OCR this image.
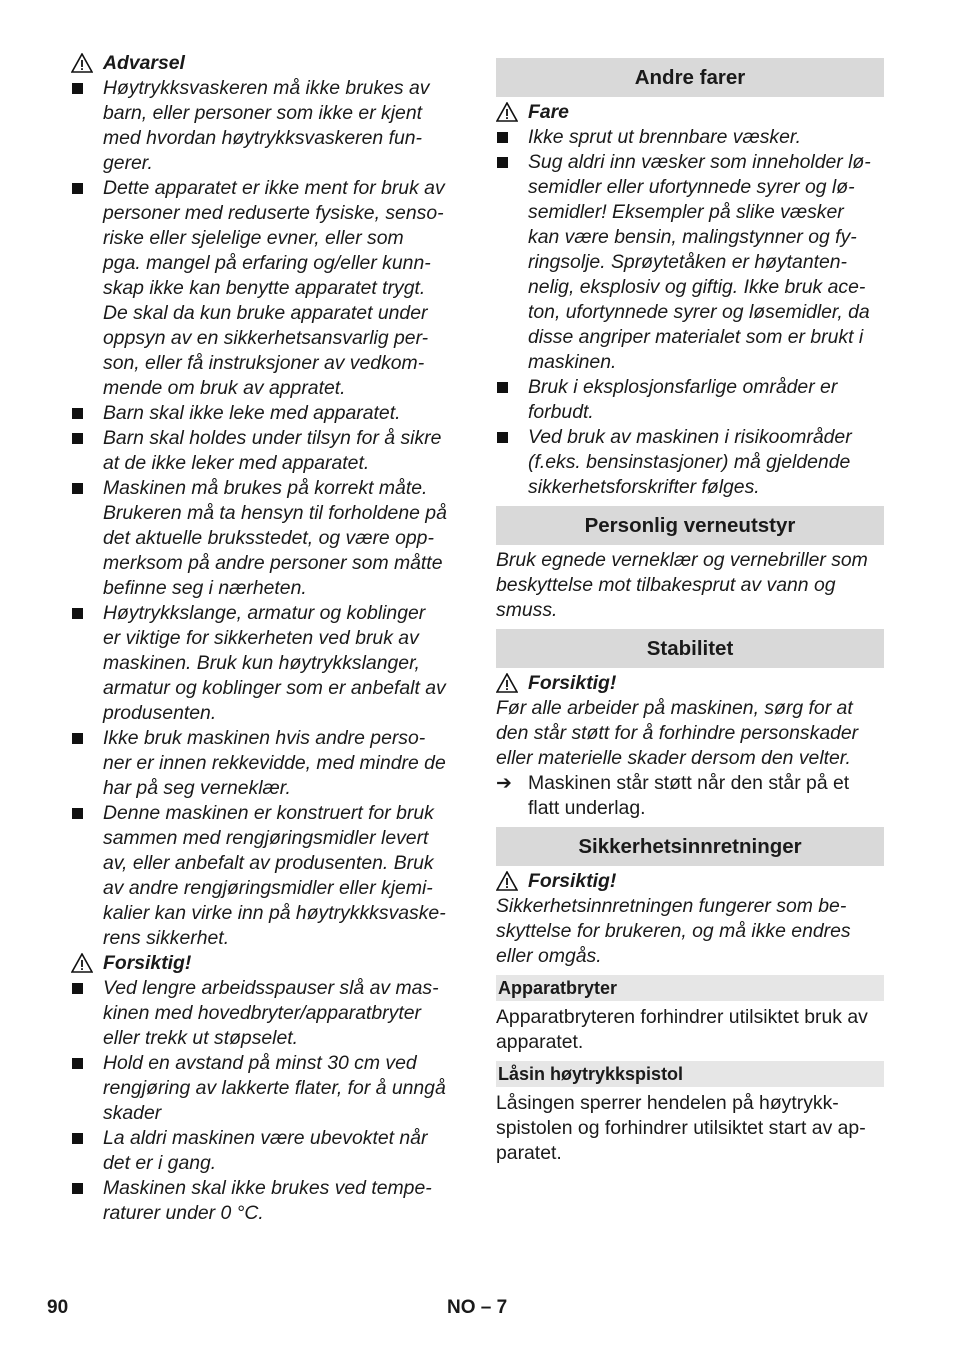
Advarsel
Høytrykksvaskeren må ikke brukes av
barn, eller personer som ikke er kjent
med hvordan høytrykksvaskeren fun-
gerer.
Dette apparatet er ikke ment for bruk av
personer med reduserte fysiske, senso-
riske eller sjelelige evner, eller som
pga. mangel på erfaring og/eller kunn-
skap ikke kan benytte apparatet trygt.
De skal da kun bruke apparatet under
oppsyn av en sikkerhetsansvarlig per-
son, eller få instruksjoner av vedkom-
mende om bruk av appratet.
Barn skal ikke leke med apparatet.
Barn skal holdes under tilsyn for å sikre
at de ikke leker med apparatet.
Maskinen må brukes på korrekt måte.
Brukeren må ta hensyn til forholdene på
det aktuelle bruksstedet, og være opp-
merksom på andre personer som måtte
befinne seg i nærheten.
Høytrykkslange, armatur og koblinger
er viktige for sikkerheten ved bruk av
maskinen. Bruk kun høytrykkslanger,
armatur og koblinger som er anbefalt av
produsenten.
Ikke bruk maskinen hvis andre perso-
ner er innen rekkevidde, med mindre de
har på seg verneklær.
Denne maskinen er konstruert for bruk
sammen med rengjøringsmidler levert
av, eller anbefalt av produsenten. Bruk
av andre rengjøringsmidler eller kjemi-
kalier kan virke inn på høytrykkksvaske-
rens sikkerhet.
Forsiktig!
Ved lengre arbeidsspauser slå av mas-
kinen med hovedbryter/apparatbryter
eller trekk ut støpselet.
Hold en avstand på minst 30 cm ved
rengjøring av lakkerte flater, for å unngå
skader
La aldri maskinen være ubevoktet når
det er i gang.
Maskinen skal ikke brukes ved tempe-
raturer under 0 °C.
Andre farer
Fare
Ikke sprut ut brennbare væsker.
Sug aldri inn væsker som inneholder lø-
semidler eller ufortynnede syrer og lø-
semidler! Eksempler på slike væsker
kan være bensin, malingstynner og fy-
ringsolje. Sprøytetåken er høytanten-
nelig, eksplosiv og giftig. Ikke bruk ace-
ton, ufortynnede syrer og løsemidler, da
disse angriper materialet som er brukt i
maskinen.
Bruk i eksplosjonsfarlige områder er
forbudt.
Ved bruk av maskinen i risikoområder
(f.eks. bensinstasjoner) må gjeldende
sikkerhetsforskrifter følges.
Personlig verneutstyr
Bruk egnede verneklær og vernebriller som
beskyttelse mot tilbakesprut av vann og
smuss.
Stabilitet
Forsiktig!
Før alle arbeider på maskinen, sørg for at
den står støtt for å forhindre personskader
eller materielle skader dersom den velter.
➔ Maskinen står støtt når den står på et
flatt underlag.
Sikkerhetsinnretninger
Forsiktig!
Sikkerhetsinnretningen fungerer som be-
skyttelse for brukeren, og må ikke endres
eller omgås.
Apparatbryter
Apparatbryteren forhindrer utilsiktet bruk av
apparatet.
Låsin høytrykkspistol
Låsingen sperrer hendelen på høytrykk-
spistolen og forhindrer utilsiktet start av ap-
paratet.
90	NO – 7
